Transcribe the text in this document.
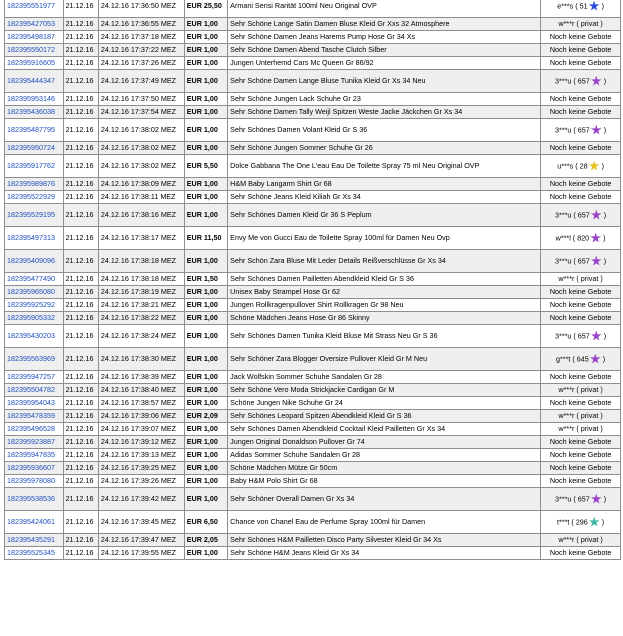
182395551977	21.12.16	24.12.16 17:36:50 MEZ	EUR 25,50	Armani Sensi Rarität 100ml Neu Original OVP	e***s ( 51 )
182395427053	21.12.16	24.12.16 17:36:55 MEZ	EUR 1,00	Sehr Schöne Lange Satin Damen Bluse Kleid Gr Xxs 32 Atmosphere	w***r ( privat )
182395498187	21.12.16	24.12.16 17:37:18 MEZ	EUR 1,00	Sehr Schöne Damen Jeans Harems Pump Hose Gr 34 Xs	Noch keine Gebote
182395550172	21.12.16	24.12.16 17:37:22 MEZ	EUR 1,00	Sehr Schöne Damen Abend Tasche Clutch Silber	Noch keine Gebote
182395916605	21.12.16	24.12.16 17:37:26 MEZ	EUR 1,00	Jungen Unterhemd Cars Mc Queen Gr 86/92	Noch keine Gebote
182395444347	21.12.16	24.12.16 17:37:49 MEZ	EUR 1,00	Sehr Schöne Damen Lange Bluse Tunika Kleid Gr Xs 34 Neu	3***u ( 657 )
182395953146	21.12.16	24.12.16 17:37:50 MEZ	EUR 1,00	Sehr Schöne Jungen Lack Schuhe Gr 23	Noch keine Gebote
182395436038	21.12.16	24.12.16 17:37:54 MEZ	EUR 1,00	Sehr Schöne Damen Tally Weijl Spitzen Weste Jacke Jäckchen Gr Xs 34	Noch keine Gebote
182395487795	21.12.16	24.12.16 17:38:02 MEZ	EUR 1,00	Sehr Schönes Damen Volant Kleid Gr S 36	3***u ( 657 )
182395950724	21.12.16	24.12.16 17:38:02 MEZ	EUR 1,00	Sehr Schöne Jungen Sommer Schuhe Gr 26	Noch keine Gebote
182395917762	21.12.16	24.12.16 17:38:02 MEZ	EUR 5,50	Dolce Gabbana The One L'eau Eau De Toilette Spray 75 ml Neu Original OVP	u***s ( 28 )
182395989876	21.12.16	24.12.16 17:38:09 MEZ	EUR 1,00	H&M Baby Langarm Shirt Gr 68	Noch keine Gebote
182395522929	21.12.16	24.12.16 17:38:11 MEZ	EUR 1,00	Sehr Schöne Jeans Kleid Kiliah Gr Xs 34	Noch keine Gebote
182395529195	21.12.16	24.12.16 17:38:16 MEZ	EUR 1,00	Sehr Schönes Damen Kleid Gr 36 S Peplum	3***u ( 657 )
182395497313	21.12.16	24.12.16 17:38:17 MEZ	EUR 11,50	Envy Me von Gucci Eau de Toilette Spray 100ml für Damen Neu Ovp	w***l ( 820 )
182395409096	21.12.16	24.12.16 17:38:18 MEZ	EUR 1,00	Sehr Schön Zara Bluse Mit Leder Details Reißverschlüsse Gr Xs 34	3***u ( 657 )
182395477490	21.12.16	24.12.16 17:38:18 MEZ	EUR 1,50	Sehr Schönes Damen Pailletten Abendkleid Kleid Gr S 36	w***r ( privat )
182395965080	21.12.16	24.12.16 17:38:19 MEZ	EUR 1,00	Unisex Baby Strampel Hose Gr 62	Noch keine Gebote
182395925292	21.12.16	24.12.16 17:38:21 MEZ	EUR 1,00	Jungen Rollkragenpullover Shirt Rollkragen Gr 98 Neu	Noch keine Gebote
182395905332	21.12.16	24.12.16 17:38:22 MEZ	EUR 1,00	Schöne Mädchen Jeans Hose Gr 86 Skinny	Noch keine Gebote
182395430203	21.12.16	24.12.16 17:38:24 MEZ	EUR 1,00	Sehr Schönes Damen Tunika Kleid Bluse Mit Strass Neu Gr S 36	3***u ( 657 )
182395563969	21.12.16	24.12.16 17:38:30 MEZ	EUR 1,00	Sehr Schöner Zara Blogger Oversize Pullover Kleid Gr M Neu	g***t ( 645 )
182395947257	21.12.16	24.12.16 17:38:39 MEZ	EUR 1,00	Jack Wolfskin Sommer Schuhe Sandalen Gr 28	Noch keine Gebote
182395504782	21.12.16	24.12.16 17:38:40 MEZ	EUR 1,00	Sehr Schöne Vero Moda Strickjacke Cardigan Gr M	w***r ( privat )
182395954043	21.12.16	24.12.16 17:38:57 MEZ	EUR 1,00	Schöne Jungen Nike Schuhe Gr 24	Noch keine Gebote
182395478359	21.12.16	24.12.16 17:39:06 MEZ	EUR 2,09	Sehr Schönes Leopard Spitzen Abendkleid Kleid Gr S 36	w***r ( privat )
182395496528	21.12.16	24.12.16 17:39:07 MEZ	EUR 1,00	Sehr Schönes Damen Abendkleid Cocktail Kleid Pailletten Gr Xs 34	w***r ( privat )
182395923887	21.12.16	24.12.16 17:39:12 MEZ	EUR 1,00	Jungen Original Donaldson Pullover Gr 74	Noch keine Gebote
182395947835	21.12.16	24.12.16 17:39:13 MEZ	EUR 1,00	Adidas Sommer Schuhe Sandalen Gr 28	Noch keine Gebote
182395936607	21.12.16	24.12.16 17:39:25 MEZ	EUR 1,00	Schöne Mädchen Mütze Gr 50cm	Noch keine Gebote
182395978080	21.12.16	24.12.16 17:39:26 MEZ	EUR 1,00	Baby H&M Polo Shirt Gr 68	Noch keine Gebote
182395538536	21.12.16	24.12.16 17:39:42 MEZ	EUR 1,00	Sehr Schöner Overall Damen Gr Xs 34	3***u ( 657 )
182395424061	21.12.16	24.12.16 17:39:45 MEZ	EUR 6,50	Chance von Chanel Eau de Perfume Spray 100ml für Damen	t***t ( 296 )
182395435291	21.12.16	24.12.16 17:39:47 MEZ	EUR 2,05	Sehr Schönes H&M Pailletten Disco Party Silvester Kleid Gr 34 Xs	w***r ( privat )
182395525345	21.12.16	24.12.16 17:39:55 MEZ	EUR 1,00	Sehr Schöne H&M Jeans Kleid Gr Xs 34	Noch keine Gebote
